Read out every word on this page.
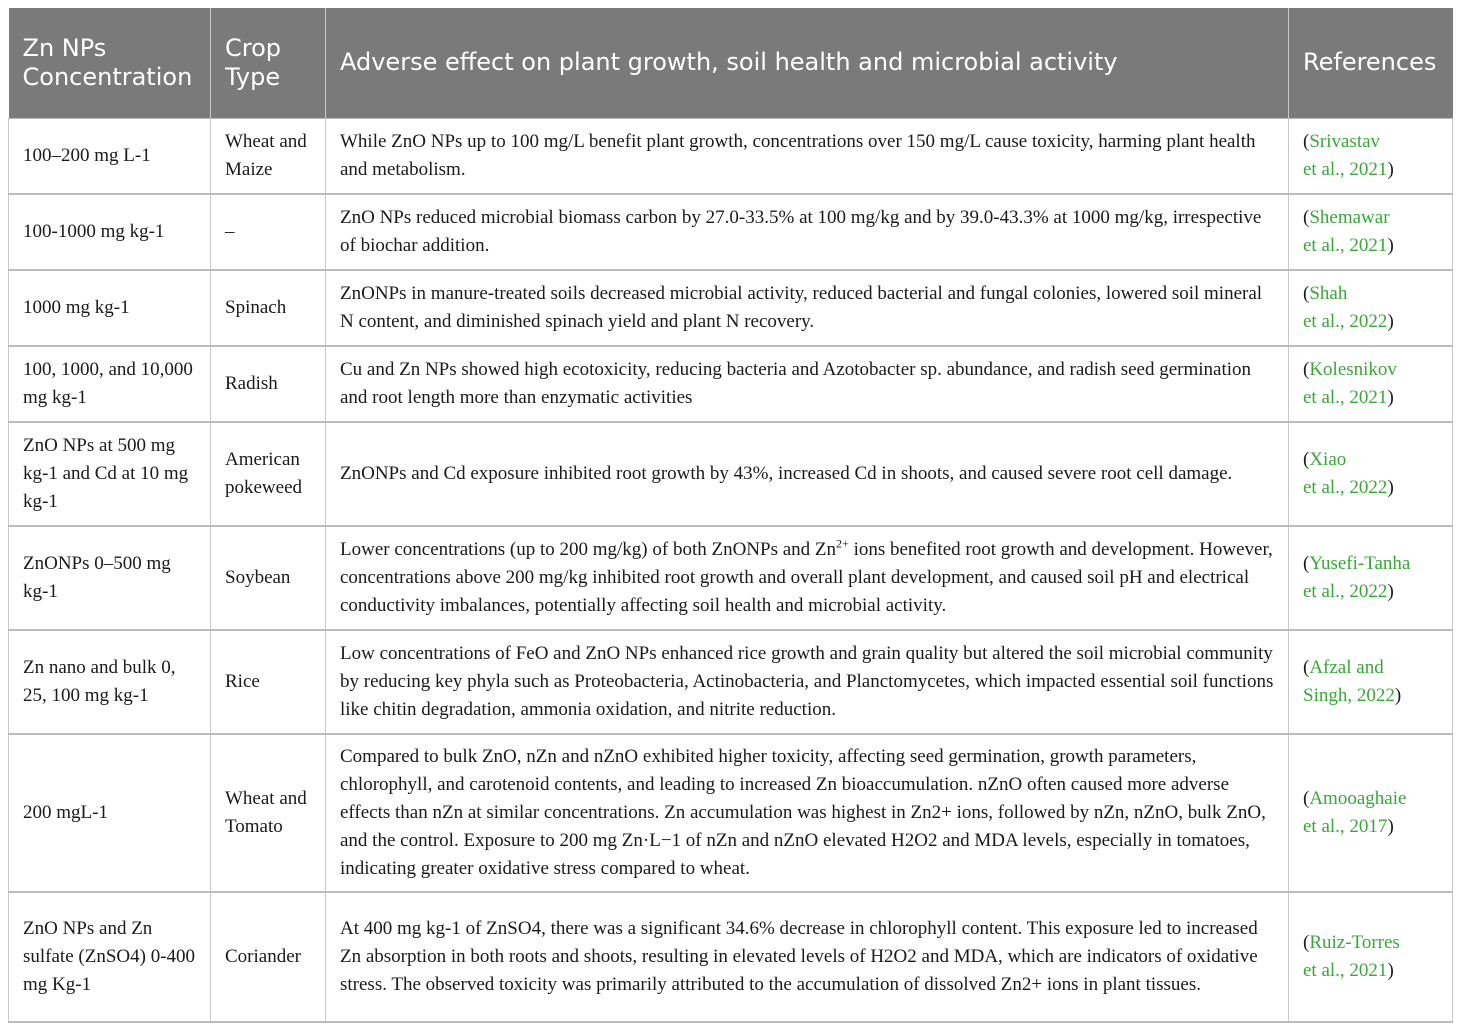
Zn NPs Concentration	Crop Type	Adverse effect on plant growth, soil health and microbial activity	References
100–200 mg L-1	Wheat and Maize	While ZnO NPs up to 100 mg/L benefit plant growth, concentrations over 150 mg/L cause toxicity, harming plant health and metabolism.	(Srivastav
et al., 2021)
100-1000 mg kg-1	–	ZnO NPs reduced microbial biomass carbon by 27.0-33.5% at 100 mg/kg and by 39.0-43.3% at 1000 mg/kg, irrespective of biochar addition.	(Shemawar
et al., 2021)
1000 mg kg-1	Spinach	ZnONPs in manure-treated soils decreased microbial activity, reduced bacterial and fungal colonies, lowered soil mineral N content, and diminished spinach yield and plant N recovery.	(Shah
et al., 2022)
100, 1000, and 10,000 mg kg-1	Radish	Cu and Zn NPs showed high ecotoxicity, reducing bacteria and Azotobacter sp. abundance, and radish seed germination and root length more than enzymatic activities	(Kolesnikov
et al., 2021)
ZnO NPs at 500 mg kg-1 and Cd at 10 mg kg-1	American pokeweed	ZnONPs and Cd exposure inhibited root growth by 43%, increased Cd in shoots, and caused severe root cell damage.	(Xiao
et al., 2022)
ZnONPs 0–500 mg kg-1	Soybean	Lower concentrations (up to 200 mg/kg) of both ZnONPs and $Zn^{2+}$ ions benefited root growth and development. However, concentrations above 200 mg/kg inhibited root growth and overall plant development, and caused soil pH and electrical conductivity imbalances, potentially affecting soil health and microbial activity.	(Yusefi-Tanha
et al., 2022)
Zn nano and bulk 0, 25, 100 mg kg-1	Rice	Low concentrations of FeO and ZnO NPs enhanced rice growth and grain quality but altered the soil microbial community by reducing key phyla such as Proteobacteria, Actinobacteria, and Planctomycetes, which impacted essential soil functions like chitin degradation, ammonia oxidation, and nitrite reduction.	(Afzal and
Singh, 2022)
200 mgL-1	Wheat and Tomato	Compared to bulk ZnO, nZn and nZnO exhibited higher toxicity, affecting seed germination, growth parameters, chlorophyll, and carotenoid contents, and leading to increased Zn bioaccumulation. nZnO often caused more adverse effects than nZn at similar concentrations. Zn accumulation was highest in Zn2+ ions, followed by nZn, nZnO, bulk ZnO, and the control. Exposure to 200 mg Zn·L−1 of nZn and nZnO elevated H2O2 and MDA levels, especially in tomatoes, indicating greater oxidative stress compared to wheat.	(Amooaghaie
et al., 2017)
ZnO NPs and Zn sulfate (ZnSO4) 0-400 mg Kg-1	Coriander	At 400 mg kg-1 of ZnSO4, there was a significant 34.6% decrease in chlorophyll content. This exposure led to increased Zn absorption in both roots and shoots, resulting in elevated levels of H2O2 and MDA, which are indicators of oxidative stress. The observed toxicity was primarily attributed to the accumulation of dissolved Zn2+ ions in plant tissues.	(Ruiz-Torres
et al., 2021)
